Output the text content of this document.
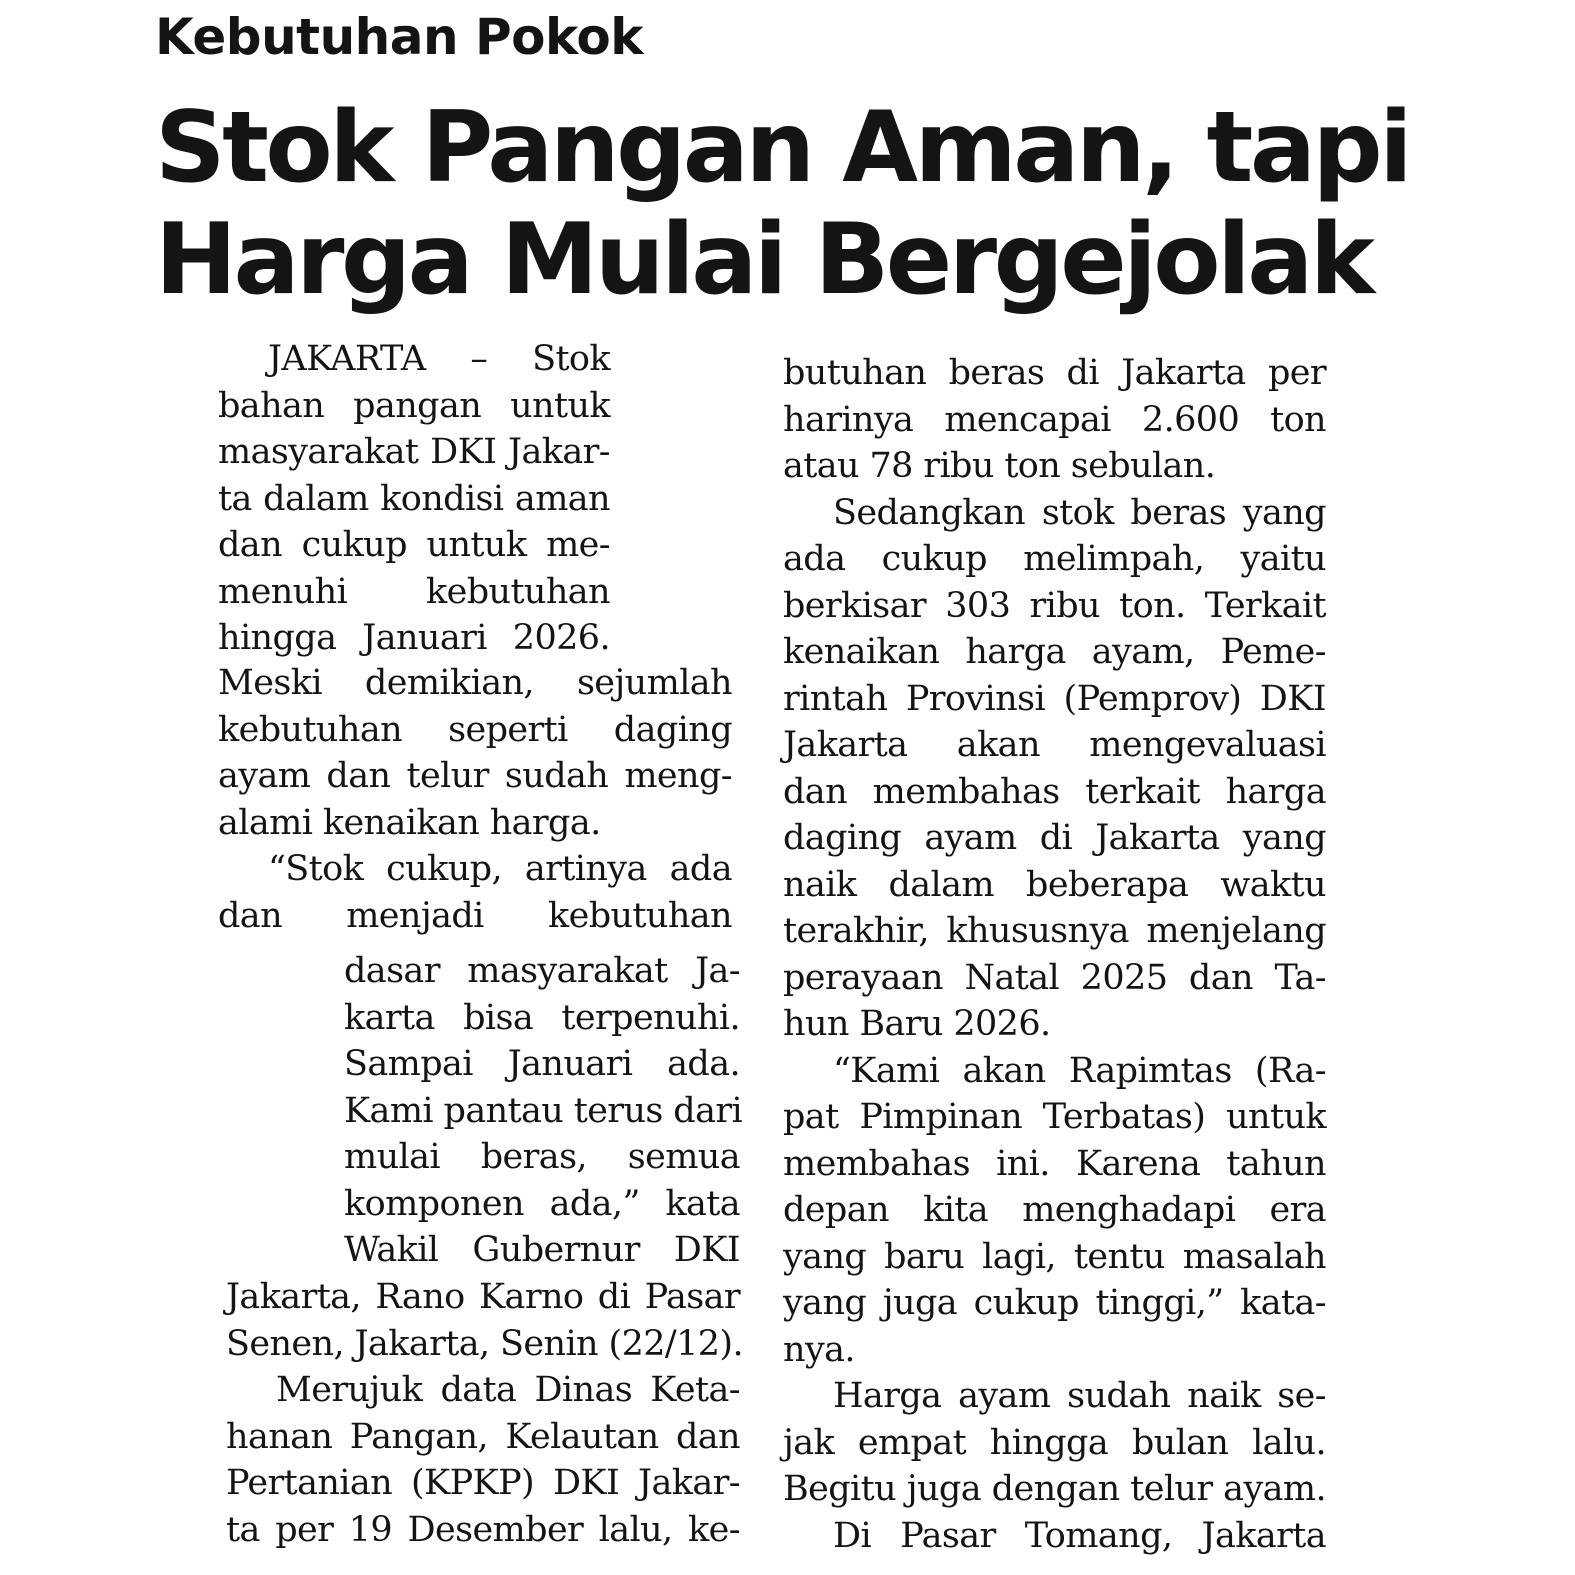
Kebutuhan Pokok
Stok Pangan Aman, tapi
Harga Mulai Bergejolak
JAKARTA – Stok
bahan pangan untuk
masyarakat DKI Jakar-
ta dalam kondisi aman
dan cukup untuk me-
menuhi kebutuhan
hingga Januari 2026.
Meski demikian, sejumlah
kebutuhan seperti daging
ayam dan telur sudah meng-
alami kenaikan harga.
“Stok cukup, artinya ada
dan menjadi kebutuhan
dasar masyarakat Ja-
karta bisa terpenuhi.
Sampai Januari ada.
Kami pantau terus dari
mulai beras, semua
komponen ada,” kata
Wakil Gubernur DKI
Jakarta, Rano Karno di Pasar
Senen, Jakarta, Senin (22/12).
Merujuk data Dinas Keta-
hanan Pangan, Kelautan dan
Pertanian (KPKP) DKI Jakar-
ta per 19 Desember lalu, ke-
butuhan beras di Jakarta per
harinya mencapai 2.600 ton
atau 78 ribu ton sebulan.
Sedangkan stok beras yang
ada cukup melimpah, yaitu
berkisar 303 ribu ton. Terkait
kenaikan harga ayam, Peme-
rintah Provinsi (Pemprov) DKI
Jakarta akan mengevaluasi
dan membahas terkait harga
daging ayam di Jakarta yang
naik dalam beberapa waktu
terakhir, khususnya menjelang
perayaan Natal 2025 dan Ta-
hun Baru 2026.
“Kami akan Rapimtas (Ra-
pat Pimpinan Terbatas) untuk
membahas ini. Karena tahun
depan kita menghadapi era
yang baru lagi, tentu masalah
yang juga cukup tinggi,” kata-
nya.
Harga ayam sudah naik se-
jak empat hingga bulan lalu.
Begitu juga dengan telur ayam.
Di Pasar Tomang, Jakarta
